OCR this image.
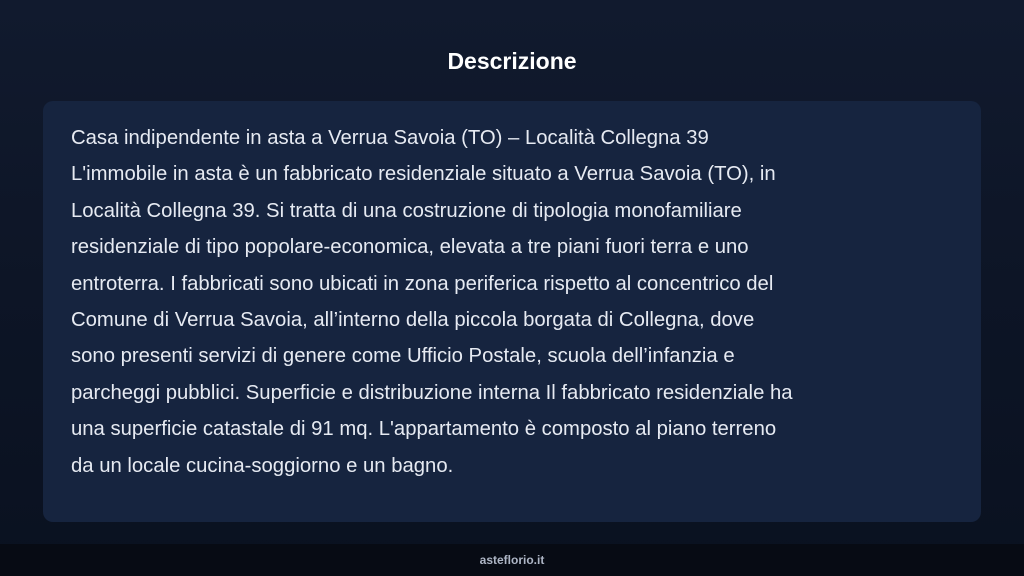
Descrizione

Casa indipendente in asta a Verrua Savoia (TO) – Località Collegna 39
L'immobile in asta è un fabbricato residenziale situato a Verrua Savoia (TO), in
Località Collegna 39. Si tratta di una costruzione di tipologia monofamiliare
residenziale di tipo popolare-economica, elevata a tre piani fuori terra e uno
entroterra. I fabbricati sono ubicati in zona periferica rispetto al concentrico del
Comune di Verrua Savoia, all’interno della piccola borgata di Collegna, dove
sono presenti servizi di genere come Ufficio Postale, scuola dell’infanzia e
parcheggi pubblici. Superficie e distribuzione interna Il fabbricato residenziale ha
una superficie catastale di 91 mq. L'appartamento è composto al piano terreno
da un locale cucina-soggiorno e un bagno.

asteflorio.it
